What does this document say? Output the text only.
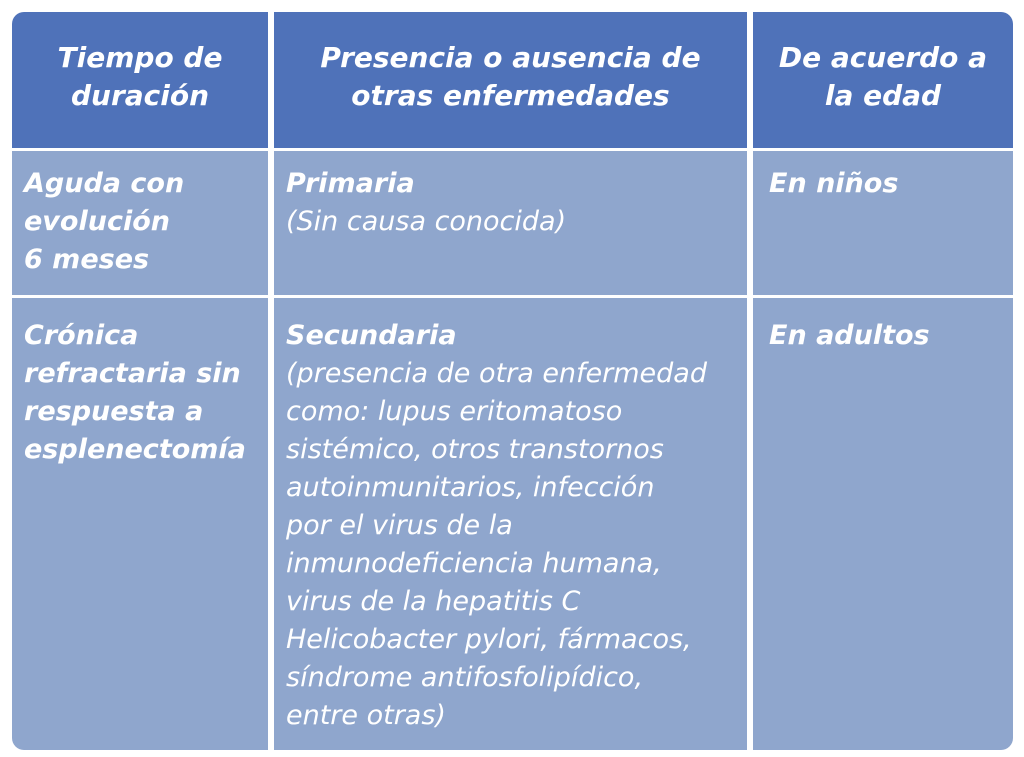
Tiempo de
duración
Presencia o ausencia de
otras enfermedades
De acuerdo a
la edad
Aguda con
evolución
6 meses
Primaria
(Sin causa conocida)
En niños
Crónica
refractaria sin
respuesta a
esplenectomía
Secundaria
(presencia de otra enfermedad
como: lupus eritomatoso
sistémico, otros transtornos
autoinmunitarios, infección
por el virus de la
inmunodeficiencia humana,
virus de la hepatitis C
Helicobacter pylori, fármacos,
síndrome antifosfolipídico,
entre otras)
En adultos
